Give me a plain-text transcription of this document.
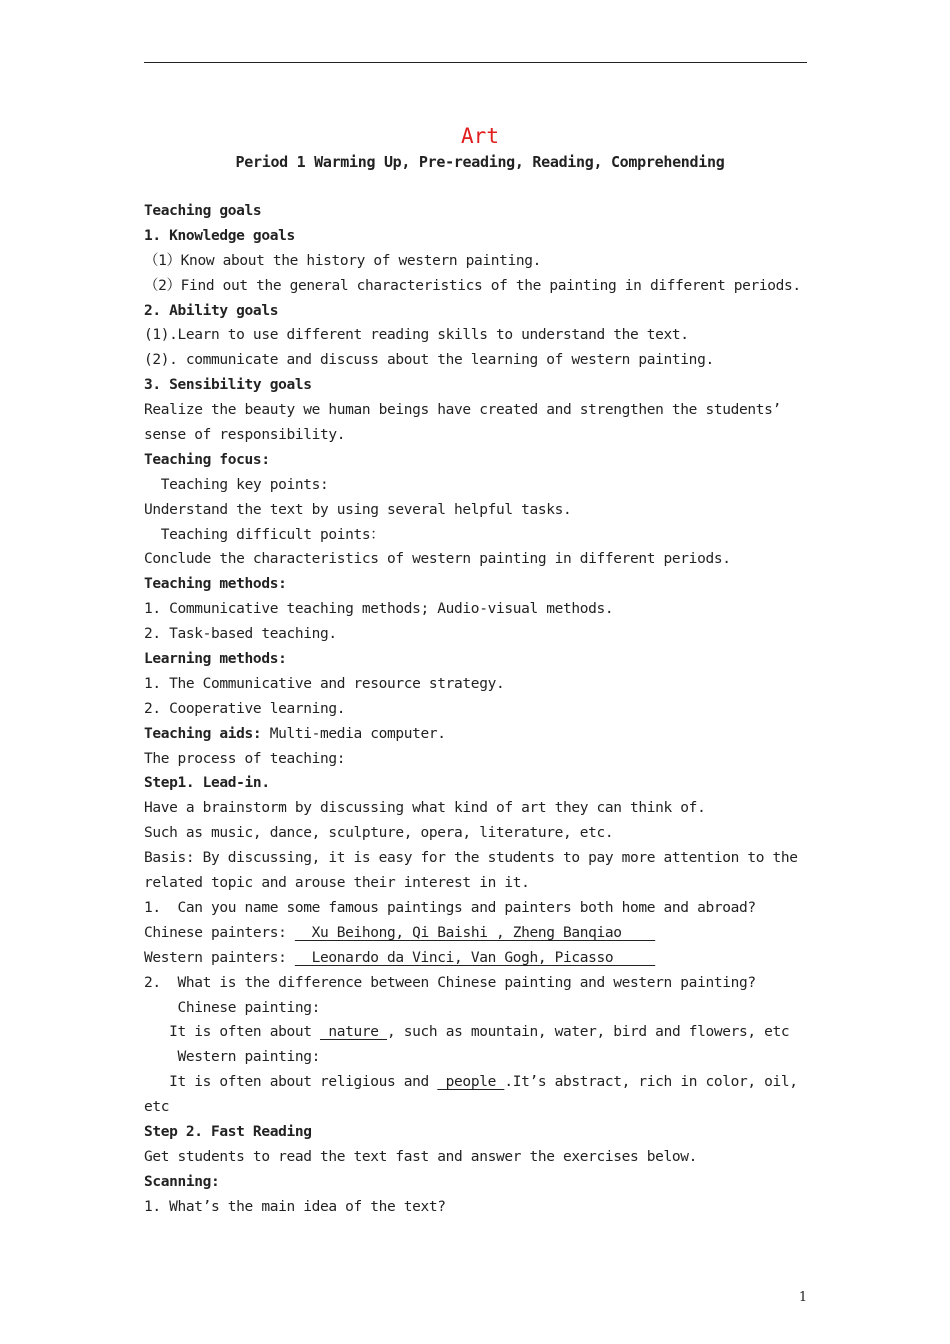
Art
Period 1 Warming Up, Pre-reading, Reading, Comprehending
Teaching goals
1. Knowledge goals
（1）Know about the history of western painting.
（2）Find out the general characteristics of the painting in different periods.
2. Ability goals
(1).Learn to use different reading skills to understand the text.
(2). communicate and discuss about the learning of western painting.
3. Sensibility goals
Realize the beauty we human beings have created and strengthen the students’
sense of responsibility.
Teaching focus:
Teaching key points:
Understand the text by using several helpful tasks.
Teaching difficult points：
Conclude the characteristics of western painting in different periods.
Teaching methods:
1. Communicative teaching methods; Audio-visual methods.
2. Task-based teaching.
Learning methods:
1. The Communicative and resource strategy.
2. Cooperative learning.
Teaching aids: Multi-media computer.
The process of teaching:
Step1. Lead-in.
Have a brainstorm by discussing what kind of art they can think of.
Such as music, dance, sculpture, opera, literature, etc.
Basis: By discussing, it is easy for the students to pay more attention to the
related topic and arouse their interest in it.
1.  Can you name some famous paintings and painters both home and abroad?
Chinese painters:   Xu Beihong, Qi Baishi , Zheng Banqiao
Western painters:   Leonardo da Vinci, Van Gogh, Picasso
2.  What is the difference between Chinese painting and western painting?
Chinese painting:
It is often about  nature , such as mountain, water, bird and flowers, etc
Western painting:
It is often about religious and  people .It’s abstract, rich in color, oil,
etc
Step 2. Fast Reading
Get students to read the text fast and answer the exercises below.
Scanning:
1. What’s the main idea of the text?
1
